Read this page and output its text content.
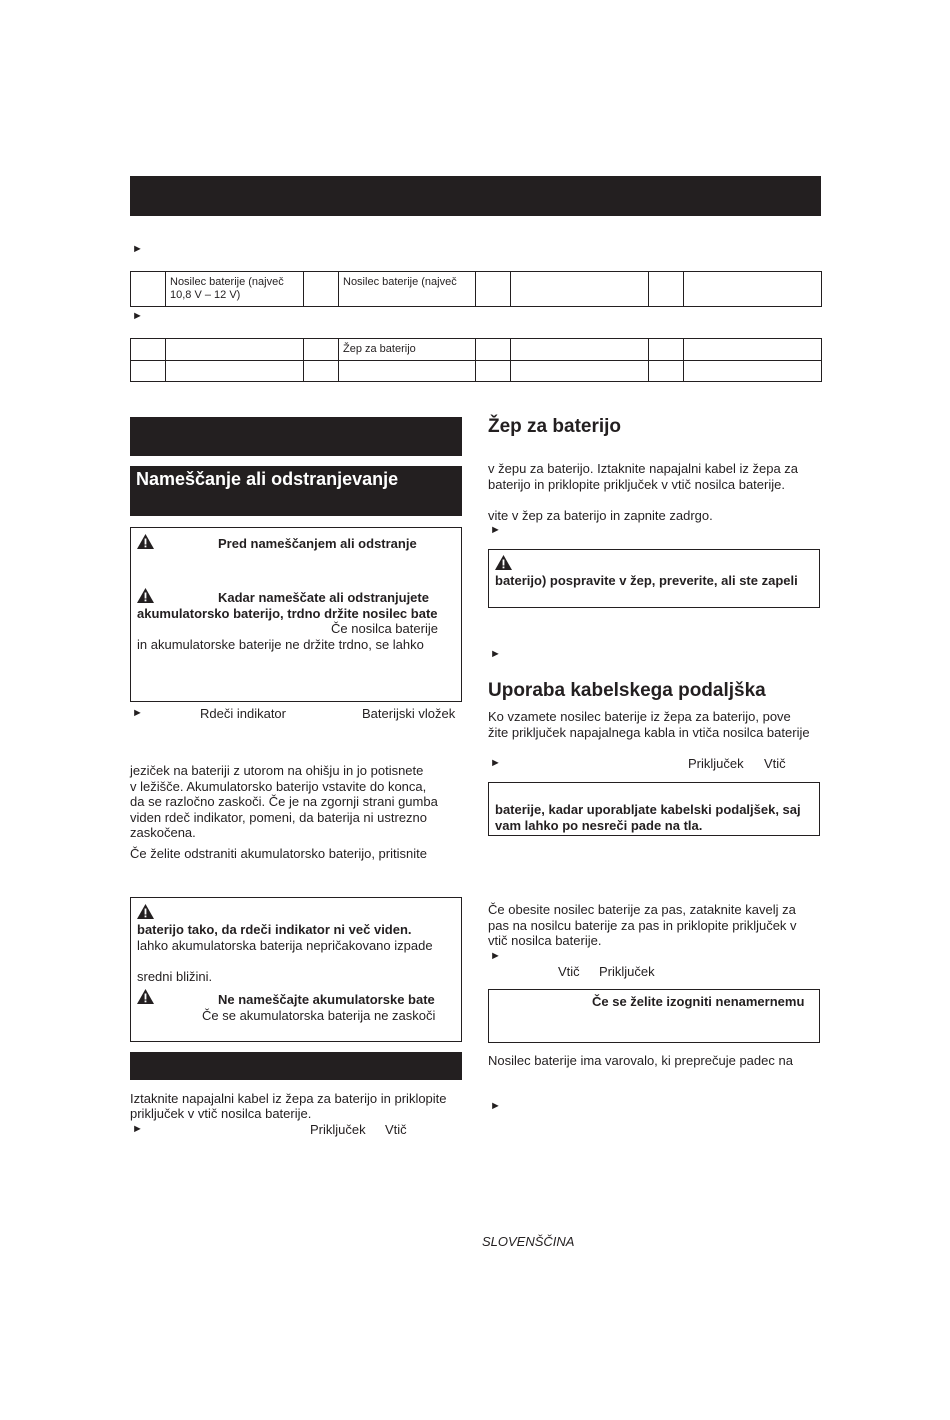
►
	Nosilec baterije (največ 10,8 V – 12 V)		Nosilec baterije (največ				
►
			Žep za baterijo				

Nameščanje ali odstranjevanje
Pred nameščanjem ali odstranje
Kadar nameščate ali odstranjujete
akumulatorsko baterijo, trdno držite nosilec bate
Če nosilca baterije
in akumulatorske baterije ne držite trdno, se lahko
►	Rdeči indikator	Baterijski vložek
jeziček na bateriji z utorom na ohišju in jo potisnete
v ležišče. Akumulatorsko baterijo vstavite do konca,
da se razločno zaskoči. Če je na zgornji strani gumba
viden rdeč indikator, pomeni, da baterija ni ustrezno
zaskočena.
Če želite odstraniti akumulatorsko baterijo, pritisnite
baterijo tako, da rdeči indikator ni več viden.
lahko akumulatorska baterija nepričakovano izpade
sredni bližini.
Ne nameščajte akumulatorske bate
Če se akumulatorska baterija ne zaskoči
Iztaknite napajalni kabel iz žepa za baterijo in priklopite
priključek v vtič nosilca baterije.
►	Priključek Vtič
Žep za baterijo
v žepu za baterijo. Iztaknite napajalni kabel iz žepa za
baterijo in priklopite priključek v vtič nosilca baterije.
vite v žep za baterijo in zapnite zadrgo.
►
baterijo) pospravite v žep, preverite, ali ste zapeli
►
Uporaba kabelskega podaljška
Ko vzamete nosilec baterije iz žepa za baterijo, pove
žite priključek napajalnega kabla in vtiča nosilca baterije
►	Priključek Vtič
baterije, kadar uporabljate kabelski podaljšek, saj
vam lahko po nesreči pade na tla.
Če obesite nosilec baterije za pas, zataknite kavelj za
pas na nosilcu baterije za pas in priklopite priključek v
vtič nosilca baterije.
►
Vtič Priključek
Če se želite izogniti nenamernemu
Nosilec baterije ima varovalo, ki preprečuje padec na
►
SLOVENŠČINA
